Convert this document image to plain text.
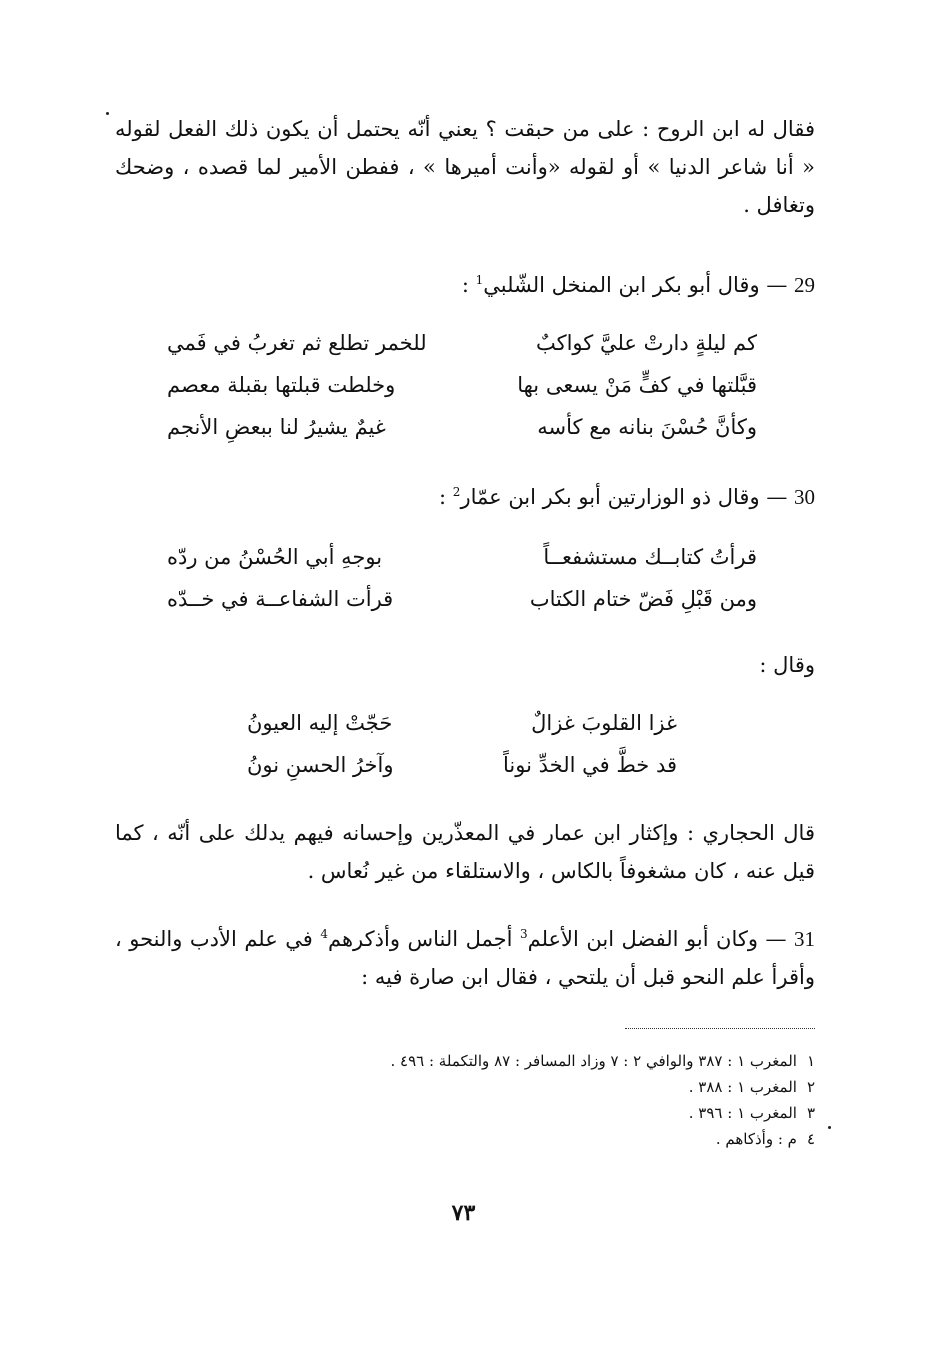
فقال له ابن الروح : على من حبقت ؟ يعني أنّه يحتمل أن يكون ذلك الفعل لقوله « أنا شاعر الدنيا » أو لقوله «وأنت أميرها » ، ففطن الأمير لما قصده ، وضحك وتغافل .
29 — وقال أبو بكر ابن المنخل الشّلبي$^1$ :
كم ليلةٍ دارتْ عليَّ كواكبٌ
للخمر تطلع ثم تغربُ في فَمي
قبَّلتها في كفٍّ مَنْ يسعى بها
وخلطت قبلتها بقبلة معصم
وكأنَّ حُسْنَ بنانه مع كأسه
غيمٌ يشيرُ لنا ببعضِ الأنجم
30 — وقال ذو الوزارتين أبو بكر ابن عمّار$^2$ :
قرأتُ كتابــك مستشفعــاً
بوجهِ أبي الحُسْنُ من ردّه
ومن قَبْلِ فَضّ ختام الكتاب
قرأت الشفاعــة في خــدّه
وقال :
غزا القلوبَ غزالٌ
حَجّتْ إليه العيونُ
قد خطَّ في الخدِّ نوناً
وآخرُ الحسنِ نونُ
قال الحجاري : وإكثار ابن عمار في المعذّرين وإحسانه فيهم يدلك على أنّه ، كما قيل عنه ، كان مشغوفاً بالكاس ، والاستلقاء من غير نُعاس .
31 — وكان أبو الفضل ابن الأعلم$^3$ أجمل الناس وأذكرهم$^4$ في علم الأدب والنحو ، وأقرأ علم النحو قبل أن يلتحي ، فقال ابن صارة فيه :
١
المغرب ١ : ٣٨٧ والوافي ٢ : ٧ وزاد المسافر : ٨٧ والتكملة : ٤٩٦ .
٢
المغرب ١ : ٣٨٨ .
٣
المغرب ١ : ٣٩٦ .
٤
م : وأذكاهم .
٧٣
